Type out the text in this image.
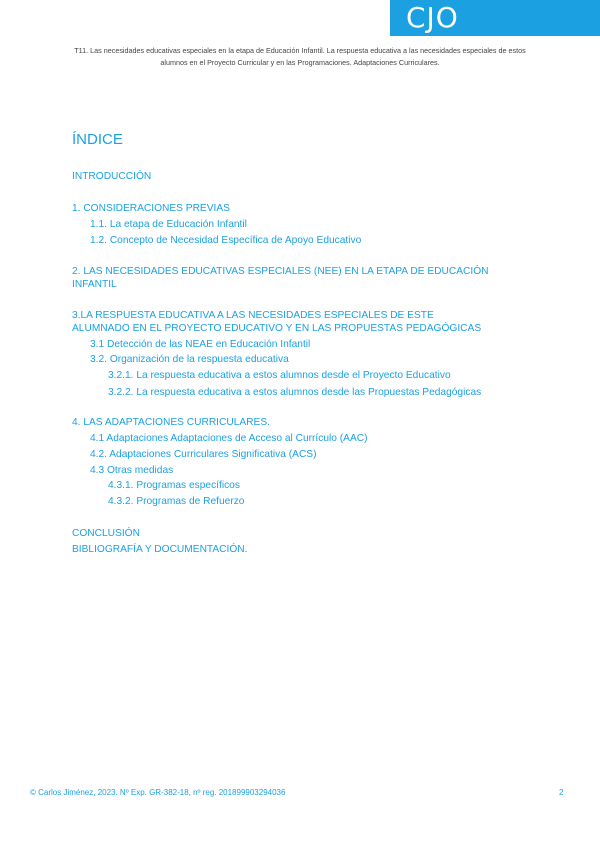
CJO
T11. Las necesidades educativas especiales en la etapa de Educación Infantil. La respuesta educativa a las necesidades especiales de estos
alumnos en el Proyecto Curricular y en las Programaciones. Adaptaciones Curriculares.
ÍNDICE
INTRODUCCIÓN
1. CONSIDERACIONES PREVIAS
1.1. La etapa de Educación Infantil
1.2. Concepto de Necesidad Específica de Apoyo Educativo
2. LAS NECESIDADES EDUCATIVAS ESPECIALES (NEE) EN LA ETAPA DE EDUCACIÓN
INFANTIL
3.LA RESPUESTA EDUCATIVA A LAS NECESIDADES ESPECIALES DE ESTE
ALUMNADO EN EL PROYECTO EDUCATIVO Y EN LAS PROPUESTAS PEDAGÓGICAS
3.1 Detección de las NEAE en Educación Infantil
3.2. Organización de la respuesta educativa
3.2.1. La respuesta educativa a estos alumnos desde el Proyecto Educativo
3.2.2. La respuesta educativa a estos alumnos desde las Propuestas Pedagógicas
4. LAS ADAPTACIONES CURRICULARES.
4.1 Adaptaciones Adaptaciones de Acceso al Currículo (AAC)
4.2. Adaptaciones Curriculares Significativa (ACS)
4.3 Otras medidas
4.3.1. Programas específicos
4.3.2. Programas de Refuerzo
CONCLUSIÓN
BIBLIOGRAFÍA Y DOCUMENTACIÓN.
© Carlos Jiménez, 2023. Nº Exp. GR-382-18, nº reg. 201899903294036	2
